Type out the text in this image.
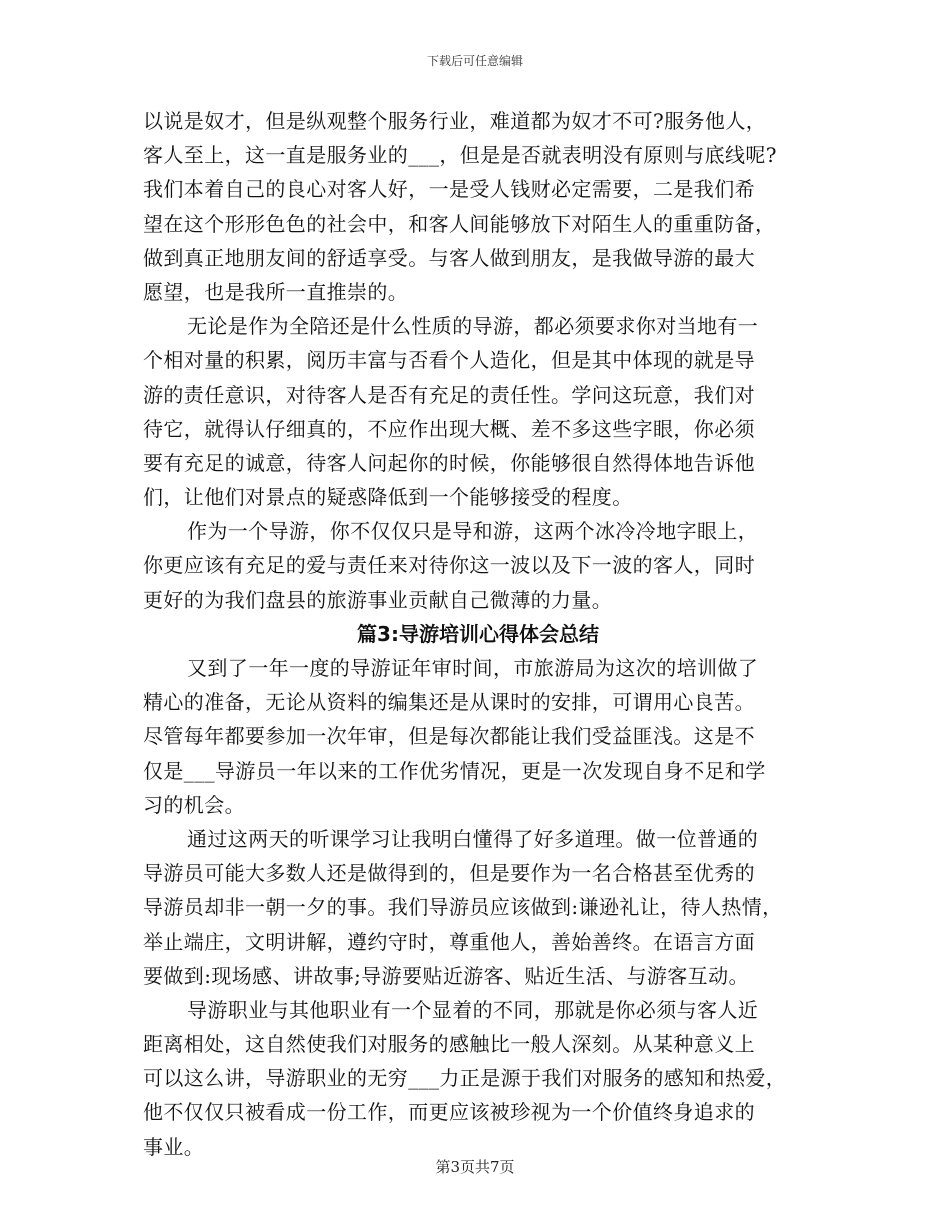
下载后可任意编辑
以说是奴才，但是纵观整个服务行业，难道都为奴才不可?服务他人，
客人至上，这一直是服务业的___，但是是否就表明没有原则与底线呢?
我们本着自己的良心对客人好，一是受人钱财必定需要，二是我们希
望在这个形形色色的社会中，和客人间能够放下对陌生人的重重防备，
做到真正地朋友间的舒适享受。与客人做到朋友，是我做导游的最大
愿望，也是我所一直推崇的。
无论是作为全陪还是什么性质的导游，都必须要求你对当地有一
个相对量的积累，阅历丰富与否看个人造化，但是其中体现的就是导
游的责任意识，对待客人是否有充足的责任性。学问这玩意，我们对
待它，就得认仔细真的，不应作出现大概、差不多这些字眼，你必须
要有充足的诚意，待客人问起你的时候，你能够很自然得体地告诉他
们，让他们对景点的疑惑降低到一个能够接受的程度。
作为一个导游，你不仅仅只是导和游，这两个冰冷冷地字眼上，
你更应该有充足的爱与责任来对待你这一波以及下一波的客人，同时
更好的为我们盘县的旅游事业贡献自己微薄的力量。
篇3:导游培训心得体会总结
又到了一年一度的导游证年审时间，市旅游局为这次的培训做了
精心的准备，无论从资料的编集还是从课时的安排，可谓用心良苦。
尽管每年都要参加一次年审，但是每次都能让我们受益匪浅。这是不
仅是___导游员一年以来的工作优劣情况，更是一次发现自身不足和学
习的机会。
通过这两天的听课学习让我明白懂得了好多道理。做一位普通的
导游员可能大多数人还是做得到的，但是要作为一名合格甚至优秀的
导游员却非一朝一夕的事。我们导游员应该做到:谦逊礼让，待人热情，
举止端庄，文明讲解，遵约守时，尊重他人，善始善终。在语言方面
要做到:现场感、讲故事;导游要贴近游客、贴近生活、与游客互动。
导游职业与其他职业有一个显着的不同，那就是你必须与客人近
距离相处，这自然使我们对服务的感触比一般人深刻。从某种意义上
可以这么讲，导游职业的无穷___力正是源于我们对服务的感知和热爱，
他不仅仅只被看成一份工作，而更应该被珍视为一个价值终身追求的
事业。
第3页共7页
